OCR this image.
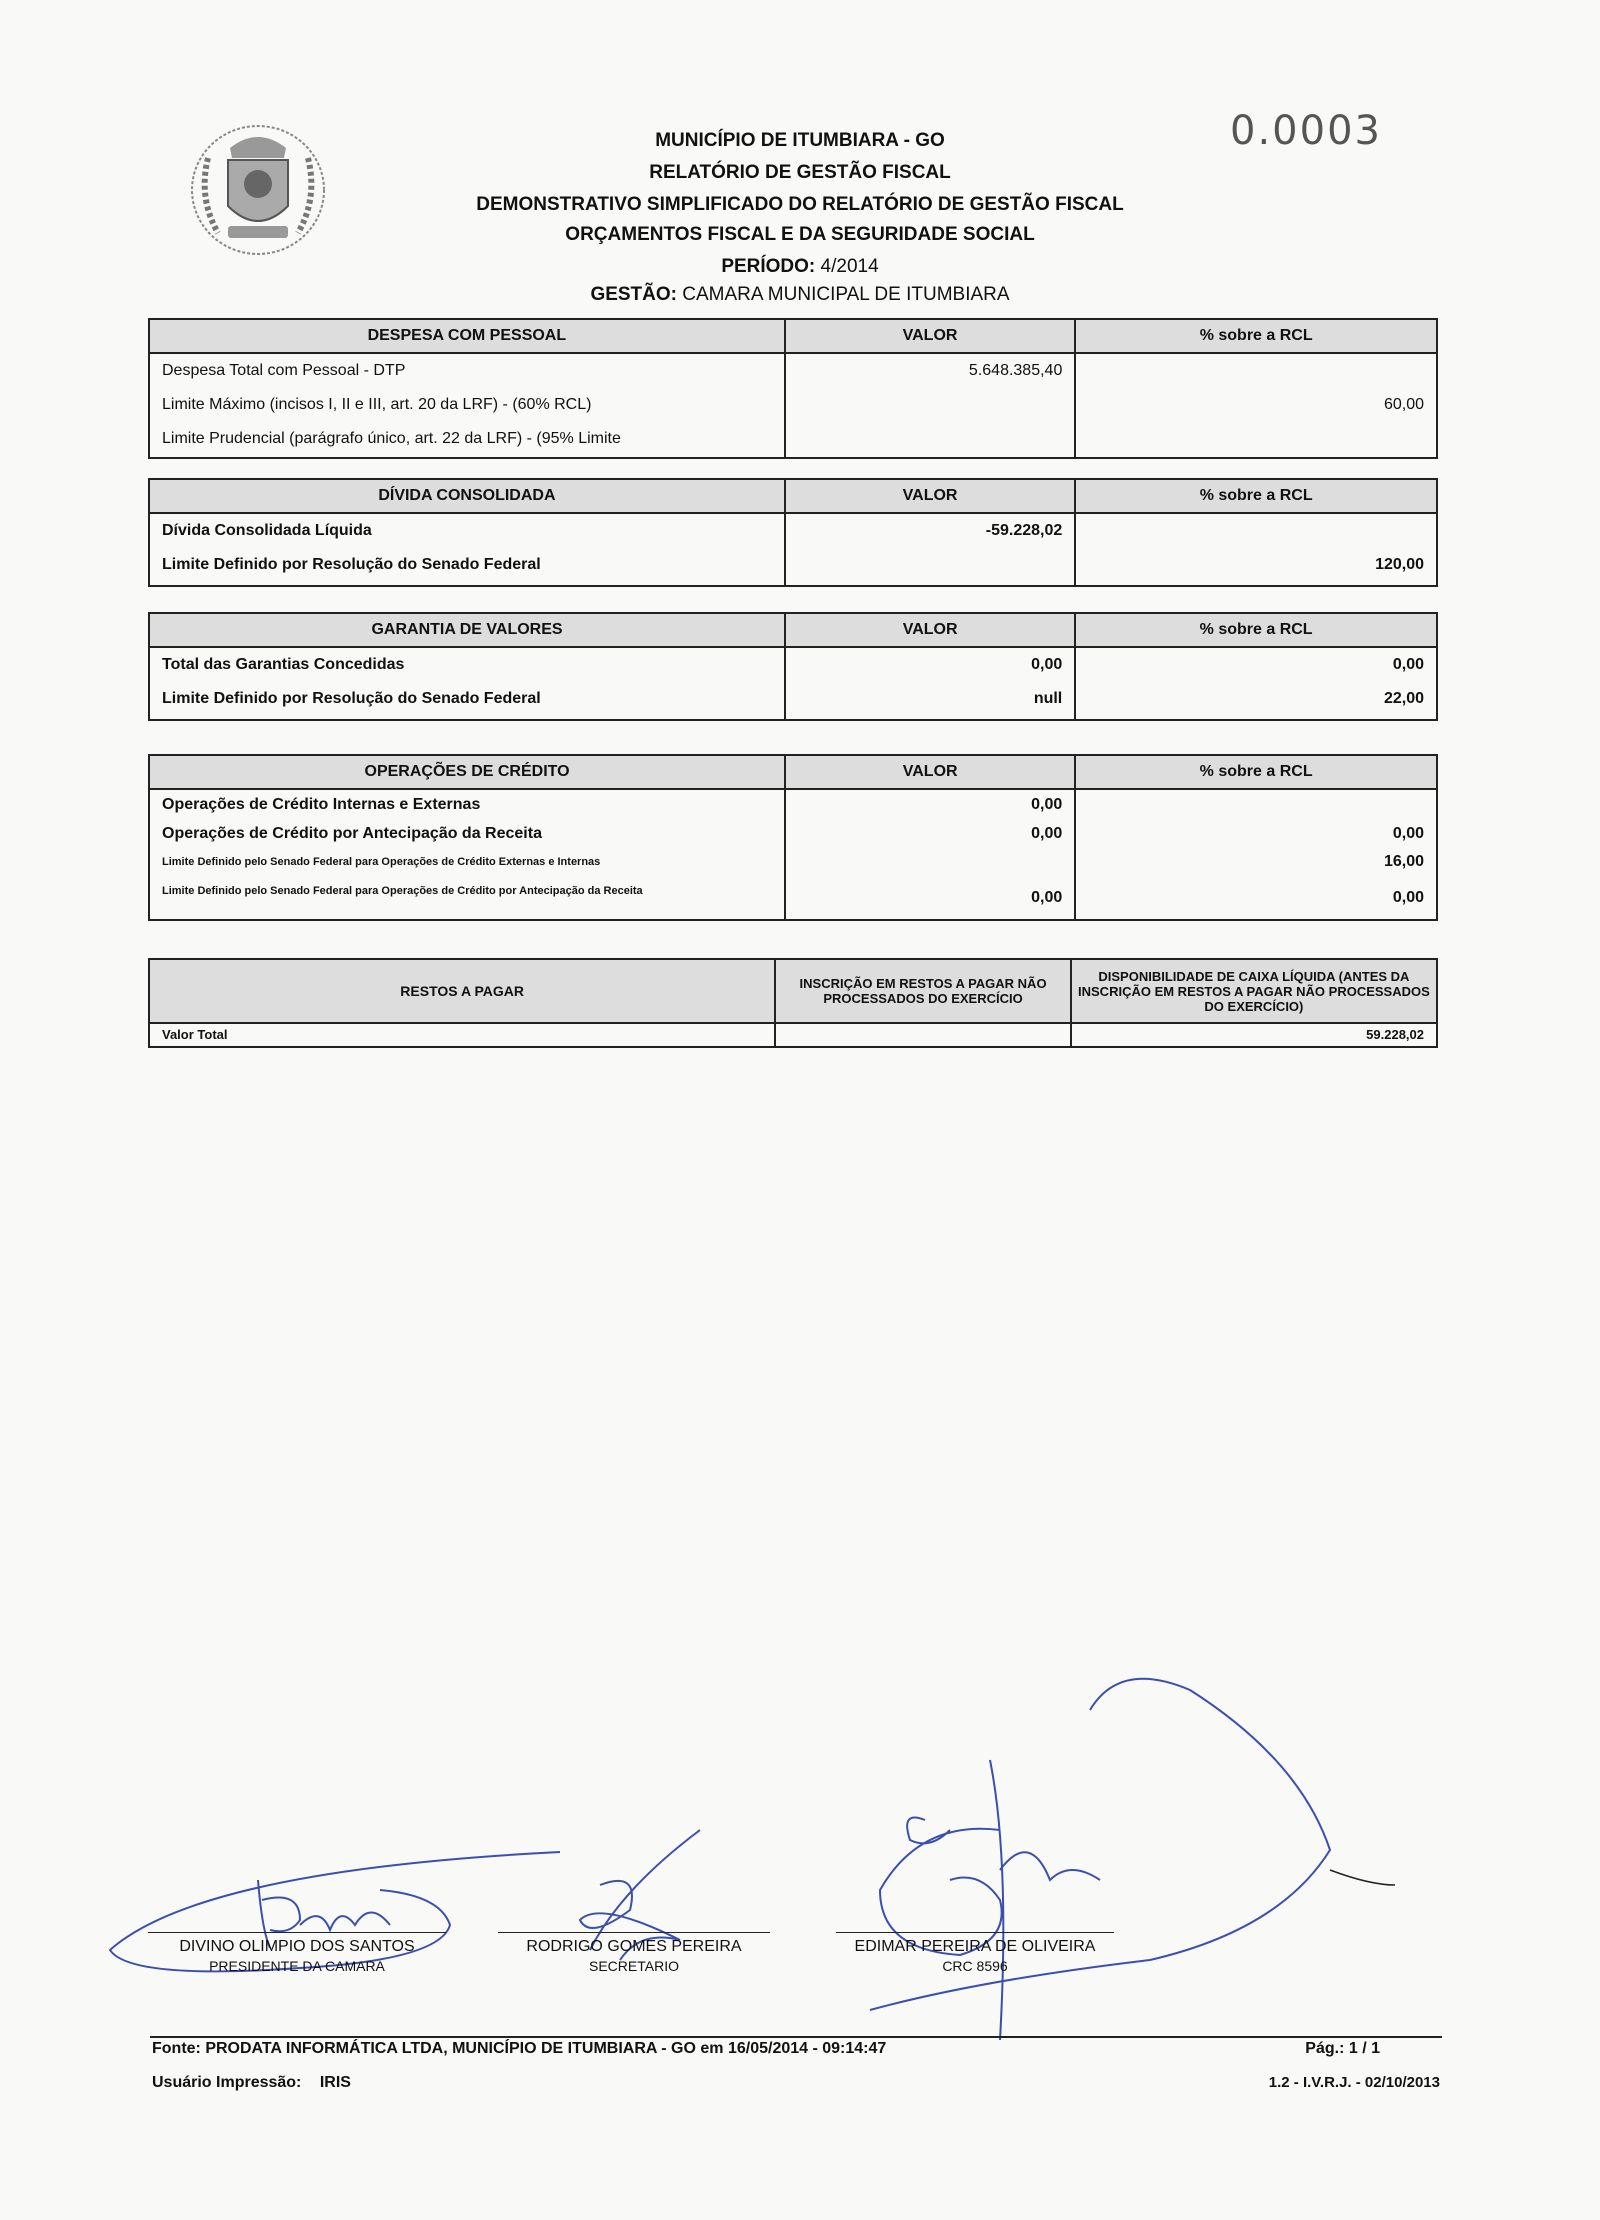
MUNICÍPIO DE ITUMBIARA - GO
RELATÓRIO DE GESTÃO FISCAL
DEMONSTRATIVO SIMPLIFICADO DO RELATÓRIO DE GESTÃO FISCAL
ORÇAMENTOS FISCAL E DA SEGURIDADE SOCIAL
PERÍODO: 4/2014
GESTÃO: CAMARA MUNICIPAL DE ITUMBIARA
0.0003
DESPESA COM PESSOAL	VALOR	% sobre a RCL
Despesa Total com Pessoal - DTP	5.648.385,40	
Limite Máximo (incisos I, II e III, art. 20 da LRF) - (60% RCL)		60,00
Limite Prudencial (parágrafo único, art. 22 da LRF) - (95% Limite		
DÍVIDA CONSOLIDADA	VALOR	% sobre a RCL
Dívida Consolidada Líquida	-59.228,02	
Limite Definido por Resolução do Senado Federal		120,00
GARANTIA DE VALORES	VALOR	% sobre a RCL
Total das Garantias Concedidas	0,00	0,00
Limite Definido por Resolução do Senado Federal	null	22,00
OPERAÇÕES DE CRÉDITO	VALOR	% sobre a RCL
Operações de Crédito Internas e Externas	0,00	
Operações de Crédito por Antecipação da Receita	0,00	0,00
Limite Definido pelo Senado Federal para Operações de Crédito Externas e Internas		16,00
Limite Definido pelo Senado Federal para Operações de Crédito por Antecipação da Receita	0,00	0,00
RESTOS A PAGAR	INSCRIÇÃO EM RESTOS A PAGAR NÃO PROCESSADOS DO EXERCÍCIO	DISPONIBILIDADE DE CAIXA LÍQUIDA (ANTES DA INSCRIÇÃO EM RESTOS A PAGAR NÃO PROCESSADOS DO EXERCÍCIO)
Valor Total		59.228,02
DIVINO OLIMPIO DOS SANTOS
PRESIDENTE DA CAMARA
RODRIGO GOMES PEREIRA
SECRETARIO
EDIMAR PEREIRA DE OLIVEIRA
CRC 8596
Fonte: PRODATA INFORMÁTICA LTDA, MUNICÍPIO DE ITUMBIARA - GO em 16/05/2014 - 09:14:47	Pág.: 1 / 1
Usuário Impressão: IRIS	1.2 - I.V.R.J. - 02/10/2013
